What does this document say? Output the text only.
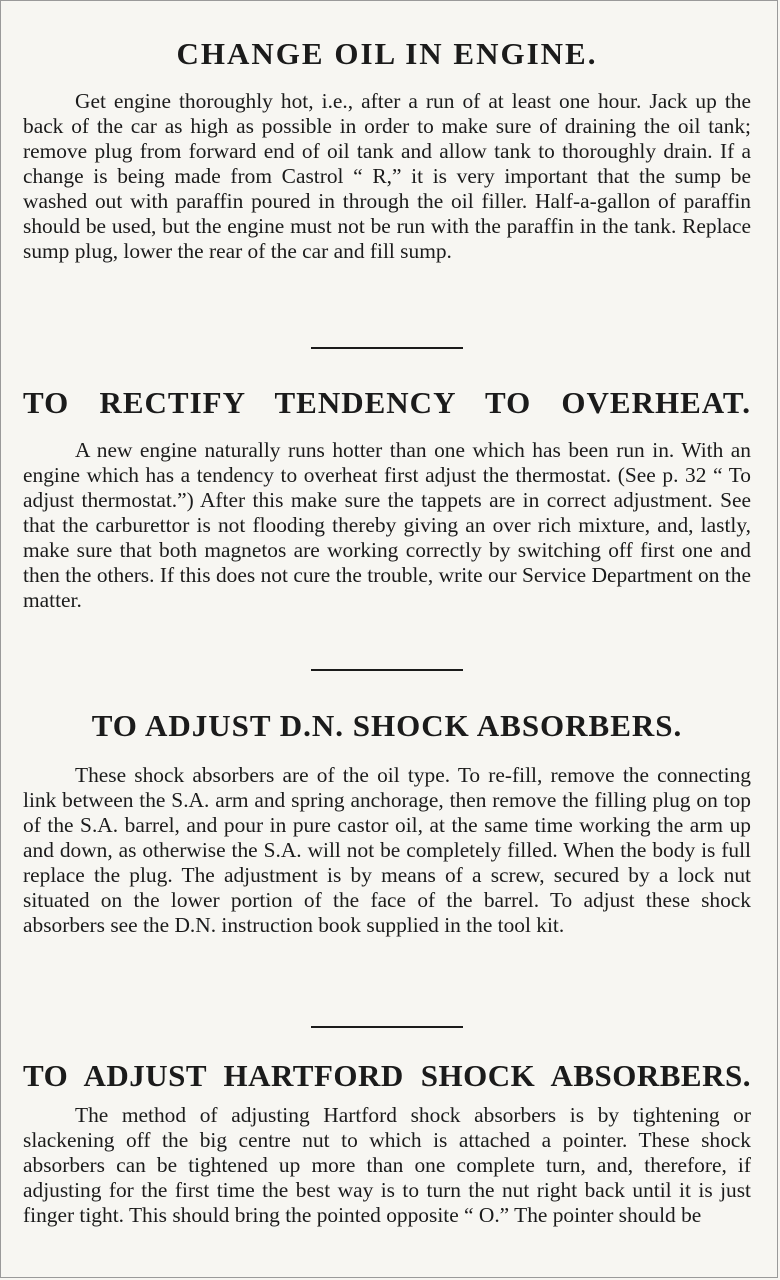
CHANGE OIL IN ENGINE.

Get engine thoroughly hot, i.e., after a run of at least one hour. Jack up the back of the car as high as possible in order to make sure of draining the oil tank; remove plug from forward end of oil tank and allow tank to thoroughly drain. If a change is being made from Castrol “ R,” it is very important that the sump be washed out with paraffin poured in through the oil filler. Half-a-gallon of paraffin should be used, but the engine must not be run with the paraffin in the tank. Replace sump plug, lower the rear of the car and fill sump.

TO RECTIFY TENDENCY TO OVERHEAT.

A new engine naturally runs hotter than one which has been run in. With an engine which has a tendency to overheat first adjust the thermostat. (See p. 32 “ To adjust thermostat.”) After this make sure the tappets are in correct adjustment. See that the carburettor is not flooding thereby giving an over rich mixture, and, lastly, make sure that both magnetos are working correctly by switching off first one and then the others. If this does not cure the trouble, write our Service Department on the matter.

TO ADJUST D.N. SHOCK ABSORBERS.

These shock absorbers are of the oil type. To re-fill, remove the connecting link between the S.A. arm and spring anchorage, then remove the filling plug on top of the S.A. barrel, and pour in pure castor oil, at the same time working the arm up and down, as otherwise the S.A. will not be completely filled. When the body is full replace the plug. The adjustment is by means of a screw, secured by a lock nut situated on the lower portion of the face of the barrel. To adjust these shock absorbers see the D.N. instruction book supplied in the tool kit.

TO ADJUST HARTFORD SHOCK ABSORBERS.

The method of adjusting Hartford shock absorbers is by tightening or slackening off the big centre nut to which is attached a pointer. These shock absorbers can be tightened up more than one complete turn, and, therefore, if adjusting for the first time the best way is to turn the nut right back until it is just finger tight. This should bring the pointed opposite “ O.” The pointer should be
